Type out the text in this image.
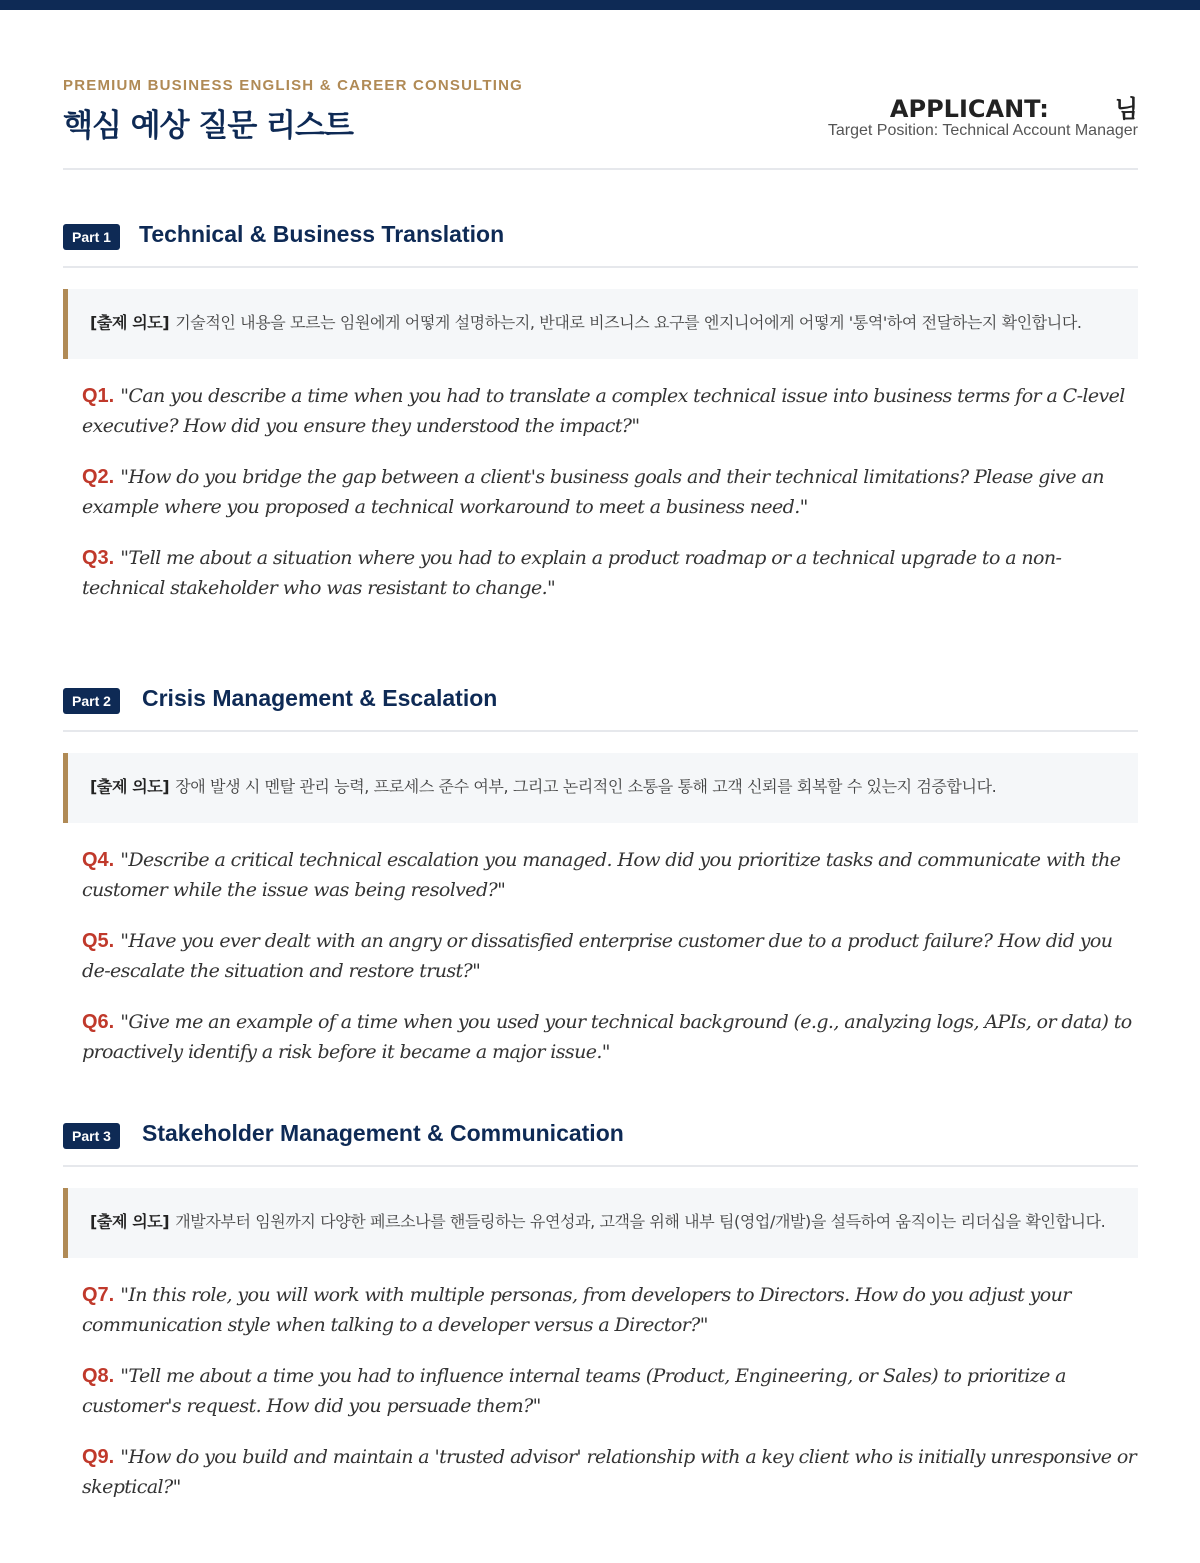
PREMIUM BUSINESS ENGLISH & CAREER CONSULTING
핵심 예상 질문 리스트	APPLICANT:	님
Target Position: Technical Account Manager
Part 1	Technical & Business Translation
[출제 의도] 기술적인 내용을 모르는 임원에게 어떻게 설명하는지, 반대로 비즈니스 요구를 엔지니어에게 어떻게 '통역'하여 전달하는지 확인합니다.
Q1. "Can you describe a time when you had to translate a complex technical issue into business terms for a C-level executive? How did you ensure they understood the impact?"
Q2. "How do you bridge the gap between a client's business goals and their technical limitations? Please give an example where you proposed a technical workaround to meet a business need."
Q3. "Tell me about a situation where you had to explain a product roadmap or a technical upgrade to a non-technical stakeholder who was resistant to change."
Part 2	Crisis Management & Escalation
[출제 의도] 장애 발생 시 멘탈 관리 능력, 프로세스 준수 여부, 그리고 논리적인 소통을 통해 고객 신뢰를 회복할 수 있는지 검증합니다.
Q4. "Describe a critical technical escalation you managed. How did you prioritize tasks and communicate with the customer while the issue was being resolved?"
Q5. "Have you ever dealt with an angry or dissatisfied enterprise customer due to a product failure? How did you de-escalate the situation and restore trust?"
Q6. "Give me an example of a time when you used your technical background (e.g., analyzing logs, APIs, or data) to proactively identify a risk before it became a major issue."
Part 3	Stakeholder Management & Communication
[출제 의도] 개발자부터 임원까지 다양한 페르소나를 핸들링하는 유연성과, 고객을 위해 내부 팀(영업/개발)을 설득하여 움직이는 리더십을 확인합니다.
Q7. "In this role, you will work with multiple personas, from developers to Directors. How do you adjust your communication style when talking to a developer versus a Director?"
Q8. "Tell me about a time you had to influence internal teams (Product, Engineering, or Sales) to prioritize a customer's request. How did you persuade them?"
Q9. "How do you build and maintain a 'trusted advisor' relationship with a key client who is initially unresponsive or skeptical?"
